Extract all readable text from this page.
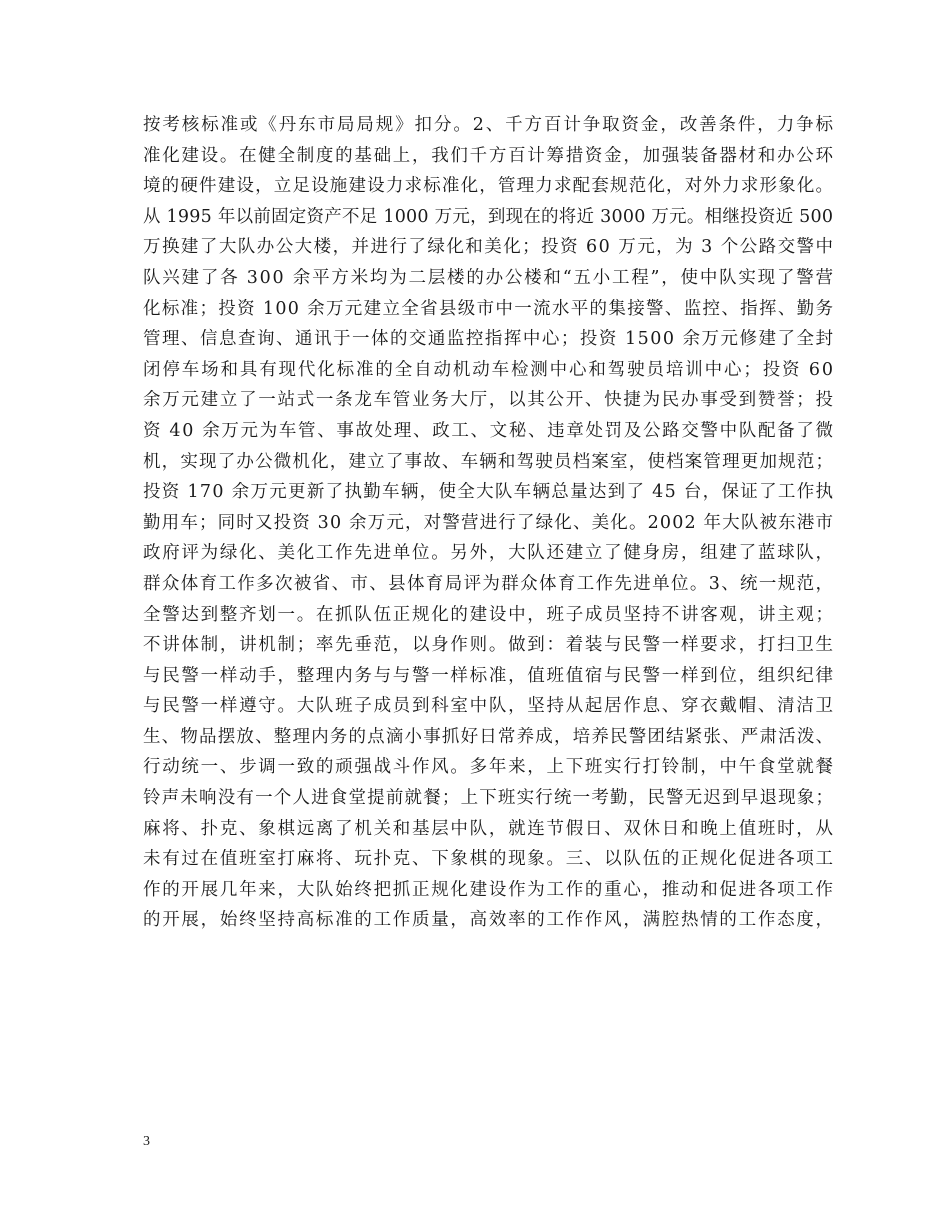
按考核标准或《丹东市局局规》扣分。2、千方百计争取资金，改善条件，力争标
准化建设。在健全制度的基础上，我们千方百计筹措资金，加强装备器材和办公环
境的硬件建设，立足设施建设力求标准化，管理力求配套规范化，对外力求形象化。
从 1995 年以前固定资产不足 1000 万元，到现在的将近 3000 万元。相继投资近 500
万换建了大队办公大楼，并进行了绿化和美化；投资 60 万元，为 3 个公路交警中
队兴建了各 300 余平方米均为二层楼的办公楼和“五小工程”，使中队实现了警营
化标准；投资 100 余万元建立全省县级市中一流水平的集接警、监控、指挥、勤务
管理、信息查询、通讯于一体的交通监控指挥中心；投资 1500 余万元修建了全封
闭停车场和具有现代化标准的全自动机动车检测中心和驾驶员培训中心；投资 60
余万元建立了一站式一条龙车管业务大厅，以其公开、快捷为民办事受到赞誉；投
资 40 余万元为车管、事故处理、政工、文秘、违章处罚及公路交警中队配备了微
机，实现了办公微机化，建立了事故、车辆和驾驶员档案室，使档案管理更加规范；
投资 170 余万元更新了执勤车辆，使全大队车辆总量达到了 45 台，保证了工作执
勤用车；同时又投资 30 余万元，对警营进行了绿化、美化。2002 年大队被东港市
政府评为绿化、美化工作先进单位。另外，大队还建立了健身房，组建了蓝球队，
群众体育工作多次被省、市、县体育局评为群众体育工作先进单位。3、统一规范，
全警达到整齐划一。在抓队伍正规化的建设中，班子成员坚持不讲客观，讲主观；
不讲体制，讲机制；率先垂范，以身作则。做到：着装与民警一样要求，打扫卫生
与民警一样动手，整理内务与与警一样标准，值班值宿与民警一样到位，组织纪律
与民警一样遵守。大队班子成员到科室中队，坚持从起居作息、穿衣戴帽、清洁卫
生、物品摆放、整理内务的点滴小事抓好日常养成，培养民警团结紧张、严肃活泼、
行动统一、步调一致的顽强战斗作风。多年来，上下班实行打铃制，中午食堂就餐
铃声未响没有一个人进食堂提前就餐；上下班实行统一考勤，民警无迟到早退现象；
麻将、扑克、象棋远离了机关和基层中队，就连节假日、双休日和晚上值班时，从
未有过在值班室打麻将、玩扑克、下象棋的现象。三、以队伍的正规化促进各项工
作的开展几年来，大队始终把抓正规化建设作为工作的重心，推动和促进各项工作
的开展，始终坚持高标准的工作质量，高效率的工作作风，满腔热情的工作态度，
3
